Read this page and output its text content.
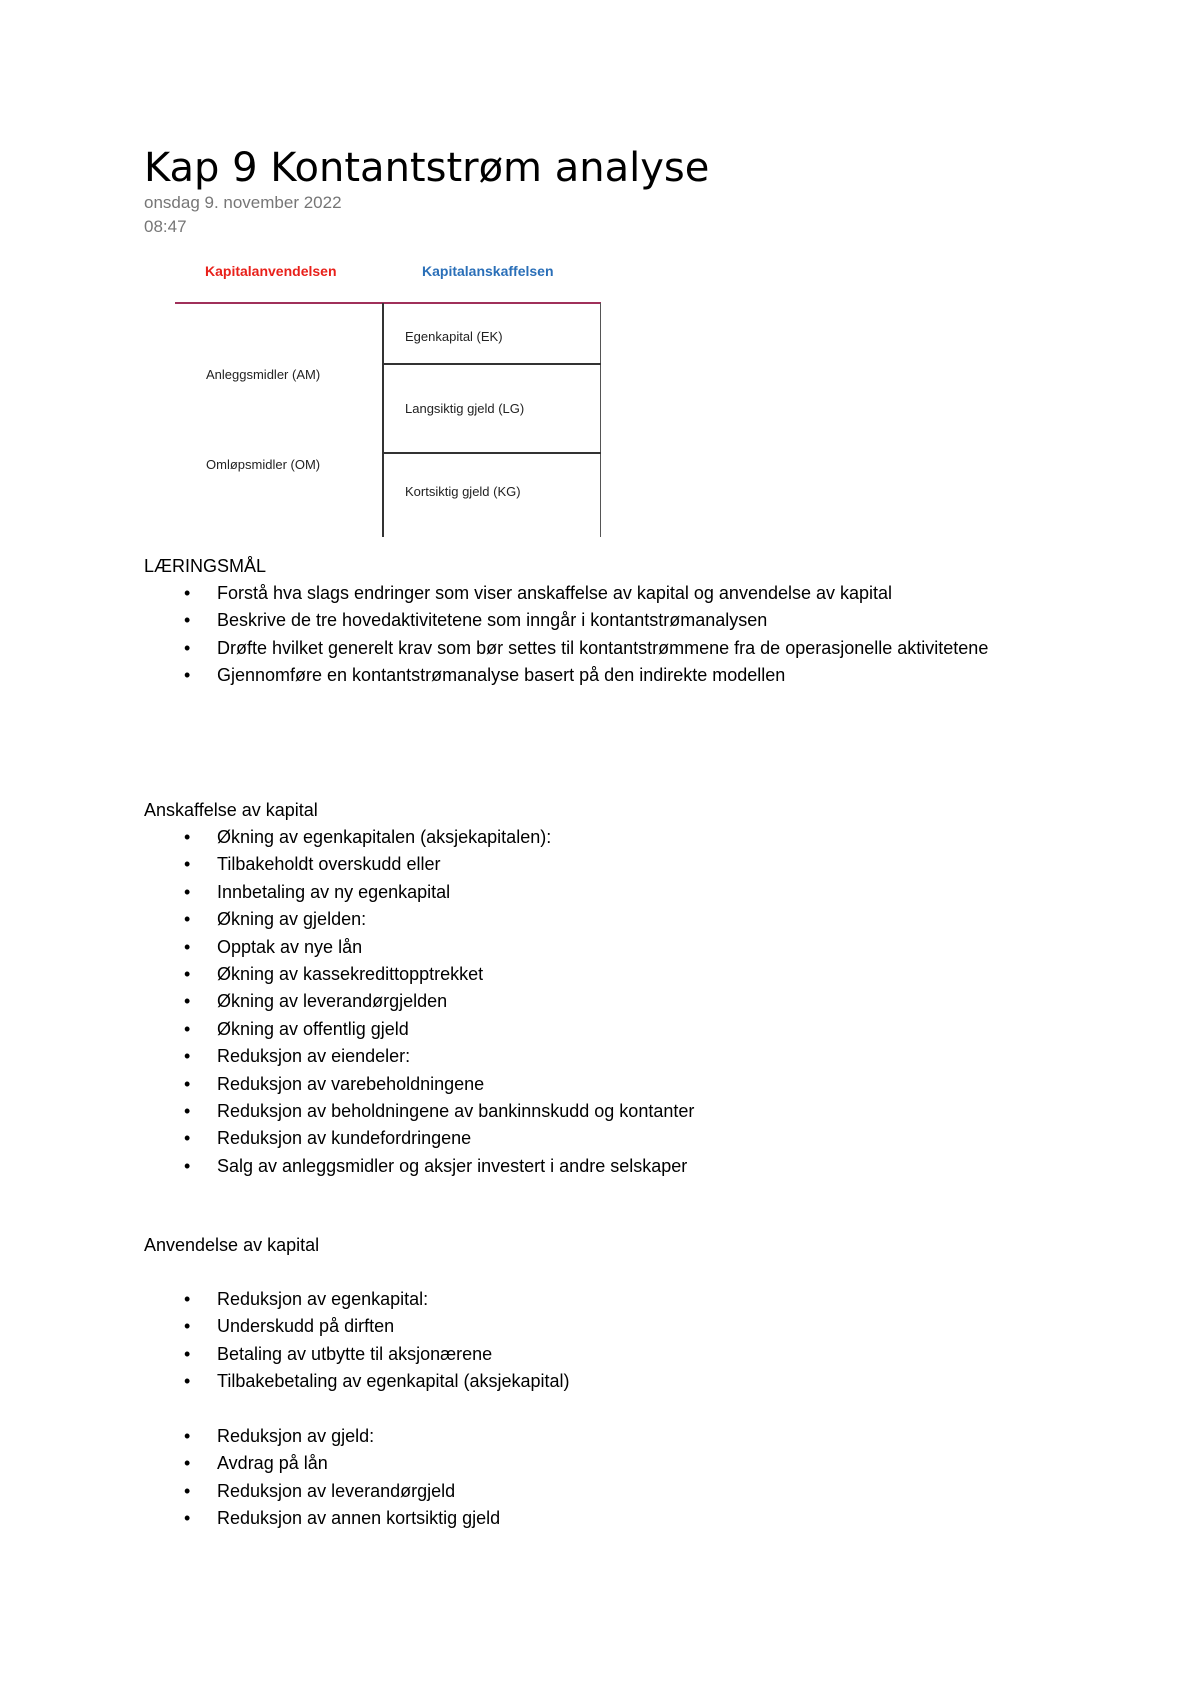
Kap 9 Kontantstrøm analyse
onsdag 9. november 2022
08:47
Kapitalanvendelsen	Kapitalanskaffelsen
Anleggsmidler (AM)
Omløpsmidler (OM)
Egenkapital (EK)
Langsiktig gjeld (LG)
Kortsiktig gjeld (KG)
LÆRINGSMÅL
• Forstå hva slags endringer som viser anskaffelse av kapital og anvendelse av kapital
• Beskrive de tre hovedaktivitetene som inngår i kontantstrømanalysen
• Drøfte hvilket generelt krav som bør settes til kontantstrømmene fra de operasjonelle aktivitetene
• Gjennomføre en kontantstrømanalyse basert på den indirekte modellen
Anskaffelse av kapital
• Økning av egenkapitalen (aksjekapitalen):
• Tilbakeholdt overskudd eller
• Innbetaling av ny egenkapital
• Økning av gjelden:
• Opptak av nye lån
• Økning av kassekredittopptrekket
• Økning av leverandørgjelden
• Økning av offentlig gjeld
• Reduksjon av eiendeler:
• Reduksjon av varebeholdningene
• Reduksjon av beholdningene av bankinnskudd og kontanter
• Reduksjon av kundefordringene
• Salg av anleggsmidler og aksjer investert i andre selskaper
Anvendelse av kapital
• Reduksjon av egenkapital:
• Underskudd på dirften
• Betaling av utbytte til aksjonærene
• Tilbakebetaling av egenkapital (aksjekapital)
• Reduksjon av gjeld:
• Avdrag på lån
• Reduksjon av leverandørgjeld
• Reduksjon av annen kortsiktig gjeld
